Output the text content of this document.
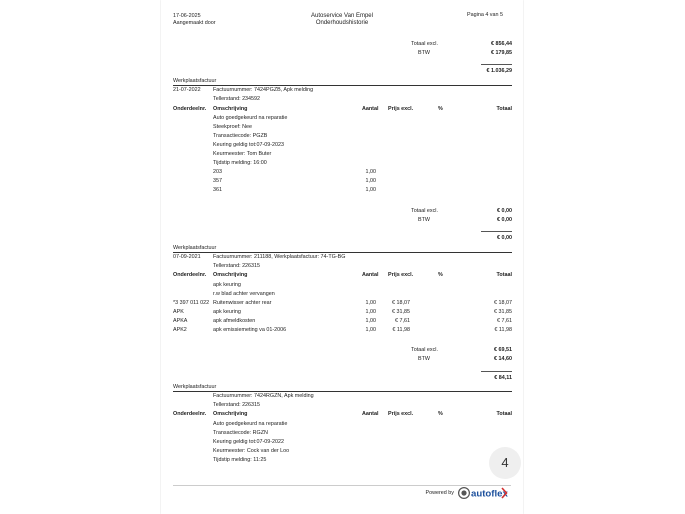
17-06-2025
Aangemaakt door
Autoservice Van Empel
Onderhoudshistorie
Pagina 4 van 5
Totaal excl.	€ 856,44
BTW	€ 179,85
€ 1.036,29
Werkplaatsfactuur
21-07-2022 Factuurnummer: 7424PGZB, Apk melding
Tellerstand: 234592
Onderdeelnr. Omschrijving	Aantal Prijs excl.	%	Totaal
Auto goedgekeurd na reparatie
Steekproef: Nee
Transactiecode: PGZB
Keuring geldig tot:07-09-2023
Keurmeester: Tom Buter
Tijdstip melding: 16:00
203	1,00
357	1,00
361	1,00
Totaal excl.	€ 0,00
BTW	€ 0,00
€ 0,00
Werkplaatsfactuur
07-09-2021 Factuurnummer: 211188, Werkplaatsfactuur: 74-TG-BG
Tellerstand: 226315
Onderdeelnr. Omschrijving	Aantal Prijs excl.	%	Totaal
apk keuring
r.w blad achter vervangen
*3 397 011 022 Ruitenwisser achter rear	1,00	€ 18,07	€ 18,07
APK	apk keuring	1,00	€ 31,85	€ 31,85
APKA	apk afmeldkosten	1,00	€ 7,61	€ 7,61
APK2	apk emissiemeting va 01-2006	1,00	€ 11,98	€ 11,98
Totaal excl.	€ 69,51
BTW	€ 14,60
€ 84,11
Werkplaatsfactuur
Factuurnummer: 7424RGZN, Apk melding
Tellerstand: 226315
Onderdeelnr. Omschrijving	Aantal Prijs excl.	%	Totaal
Auto goedgekeurd na reparatie
Transactiecode: RGZN
Keuring geldig tot:07-09-2022
Keurmeester: Cock van der Loo
Tijdstip melding: 11:25
Powered by autoflex
4
